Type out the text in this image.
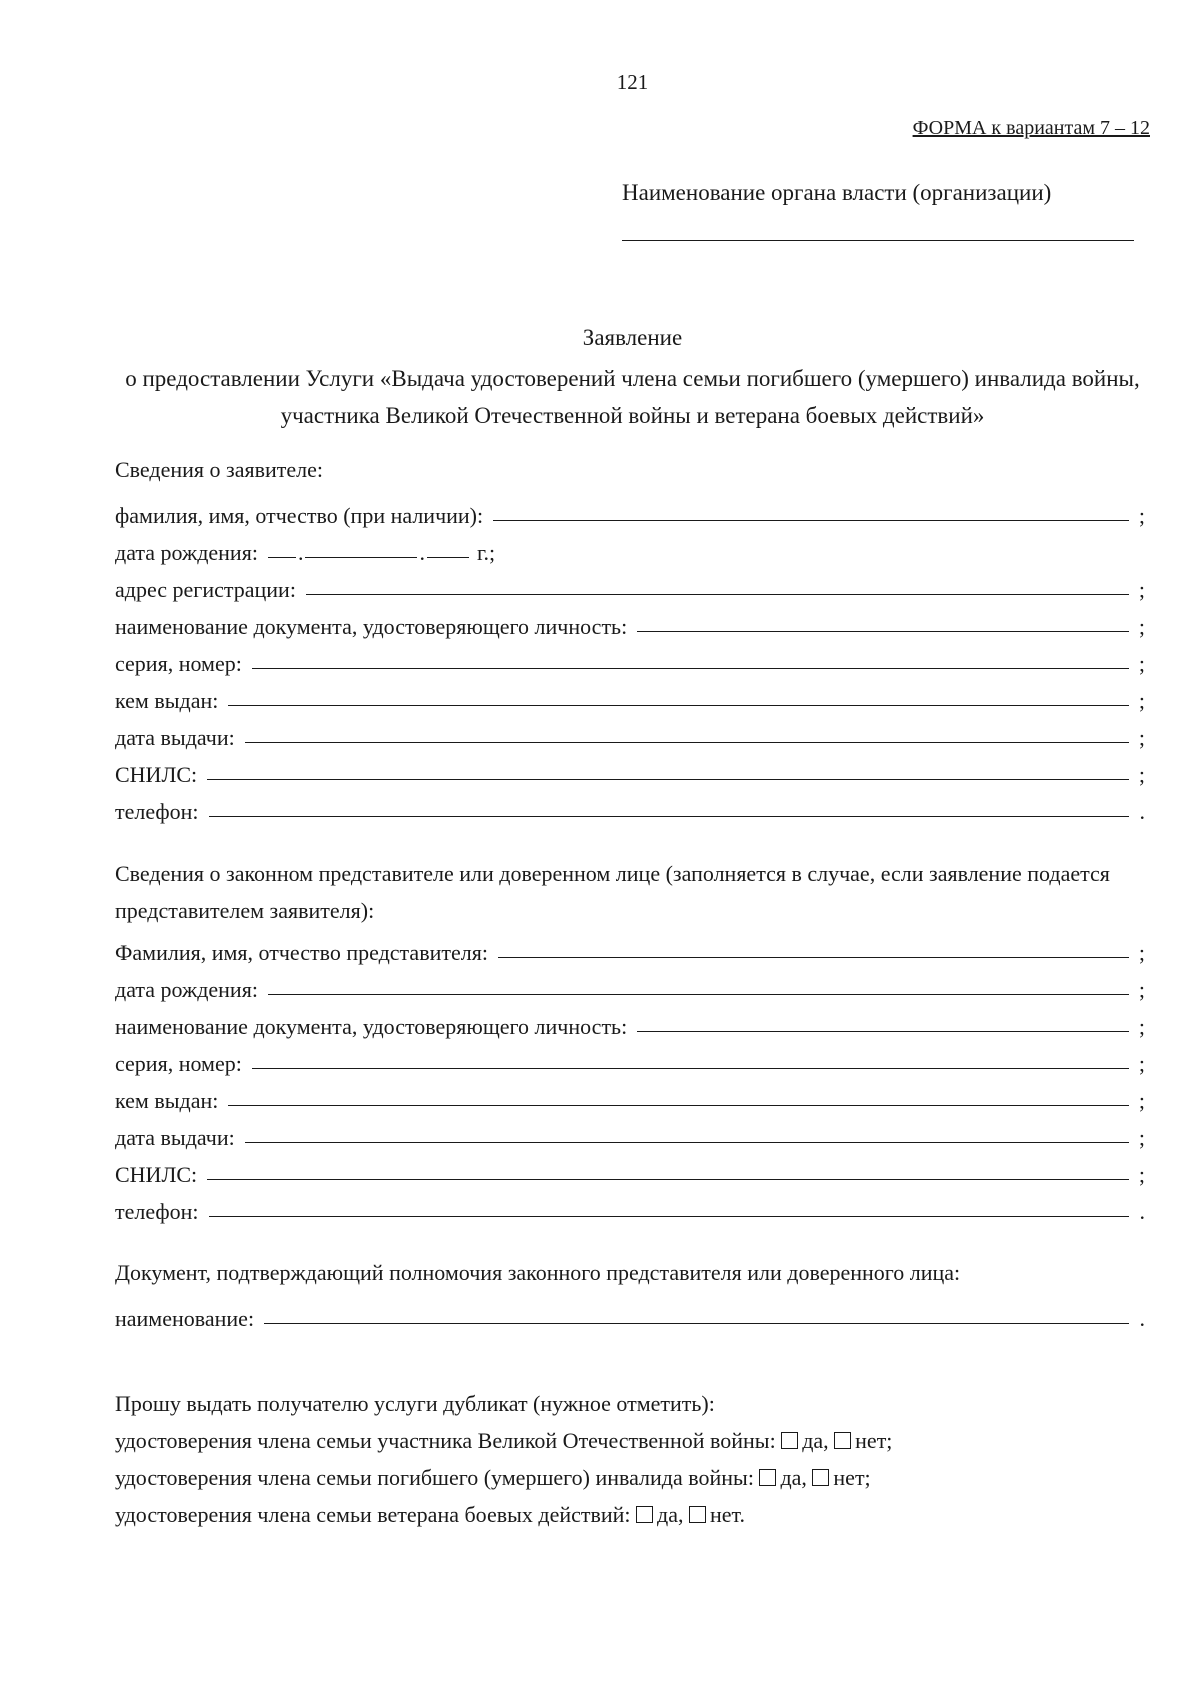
121
ФОРМА к вариантам 7 – 12
Наименование органа власти (организации)
Заявление
о предоставлении Услуги «Выдача удостоверений члена семьи погибшего (умершего) инвалида войны, участника Великой Отечественной войны и ветерана боевых действий»
Сведения о заявителе:
фамилия, имя, отчество (при наличии):	;
дата рождения:	.	.	г.;
адрес регистрации:	;
наименование документа, удостоверяющего личность:	;
серия, номер:	;
кем выдан:	;
дата выдачи:	;
СНИЛС:	;
телефон:	.
Сведения о законном представителе или доверенном лице (заполняется в случае, если заявление подается представителем заявителя):
Фамилия, имя, отчество представителя:	;
дата рождения:	;
наименование документа, удостоверяющего личность:	;
серия, номер:	;
кем выдан:	;
дата выдачи:	;
СНИЛС:	;
телефон:	.
Документ, подтверждающий полномочия законного представителя или доверенного лица:
наименование:	.
Прошу выдать получателю услуги дубликат (нужное отметить):
удостоверения члена семьи участника Великой Отечественной войны: да, нет;
удостоверения члена семьи погибшего (умершего) инвалида войны: да, нет;
удостоверения члена семьи ветерана боевых действий: да, нет.
